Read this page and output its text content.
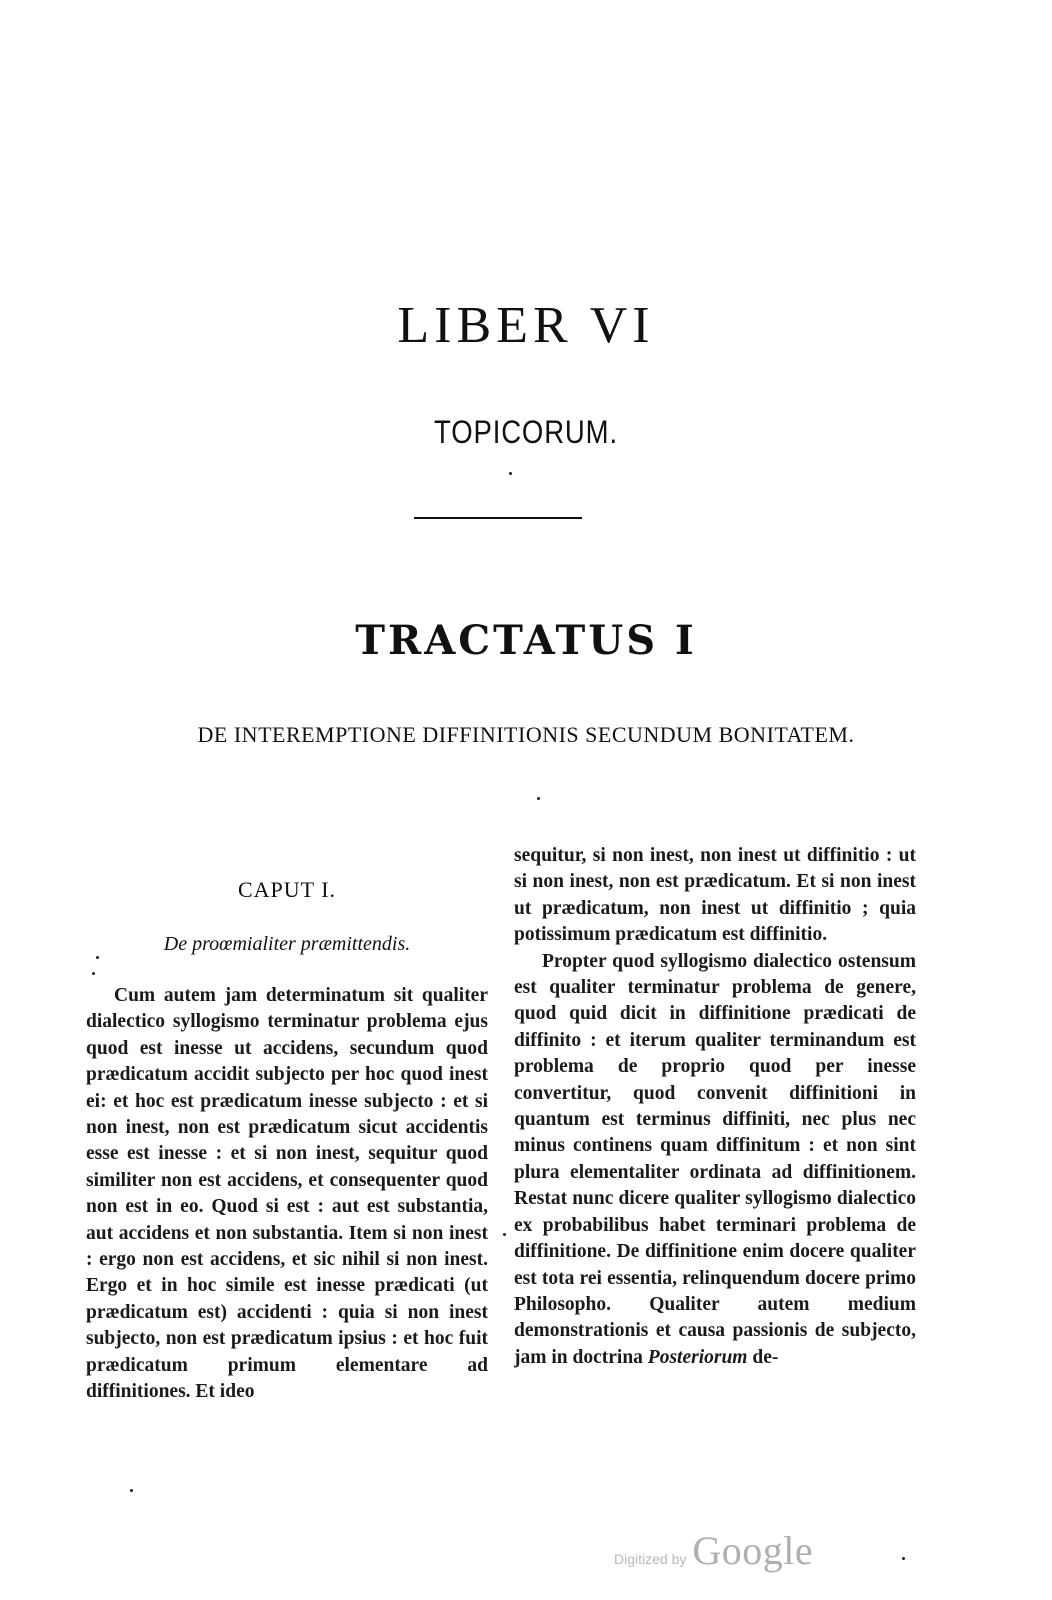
LIBER VI
TOPICORUM.
TRACTATUS I
DE INTEREMPTIONE DIFFINITIONIS SECUNDUM BONITATEM.
CAPUT I.
De proœmialiter præmittendis.

Cum autem jam determinatum sit qualiter dialectico syllogismo terminatur problema ejus quod est inesse ut accidens, secundum quod prædicatum accidit subjecto per hoc quod inest ei: et hoc est prædicatum inesse subjecto : et si non inest, non est prædicatum sicut accidentis esse est inesse : et si non inest, sequitur quod similiter non est accidens, et consequenter quod non est in eo. Quod si est : aut est substantia, aut accidens et non substantia. Item si non inest : ergo non est accidens, et sic nihil si non inest. Ergo et in hoc simile est inesse prædicati (ut prædicatum est) accidenti : quia si non inest subjecto, non est prædicatum ipsius : et hoc fuit prædicatum primum elementare ad diffinitiones. Et ideo

sequitur, si non inest, non inest ut diffinitio : ut si non inest, non est prædicatum. Et si non inest ut prædicatum, non inest ut diffinitio ; quia potissimum prædicatum est diffinitio.

Propter quod syllogismo dialectico ostensum est qualiter terminatur problema de genere, quod quid dicit in diffinitione prædicati de diffinito : et iterum qualiter terminandum est problema de proprio quod per inesse convertitur, quod convenit diffinitioni in quantum est terminus diffiniti, nec plus nec minus continens quam diffinitum : et non sint plura elementaliter ordinata ad diffinitionem. Restat nunc dicere qualiter syllogismo dialectico ex probabilibus habet terminari problema de diffinitione. De diffinitione enim docere qualiter est tota rei essentia, relinquendum docere primo Philosopho. Qualiter autem medium demonstrationis et causa passionis de subjecto, jam in doctrina Posteriorum de-

Digitized by Google
